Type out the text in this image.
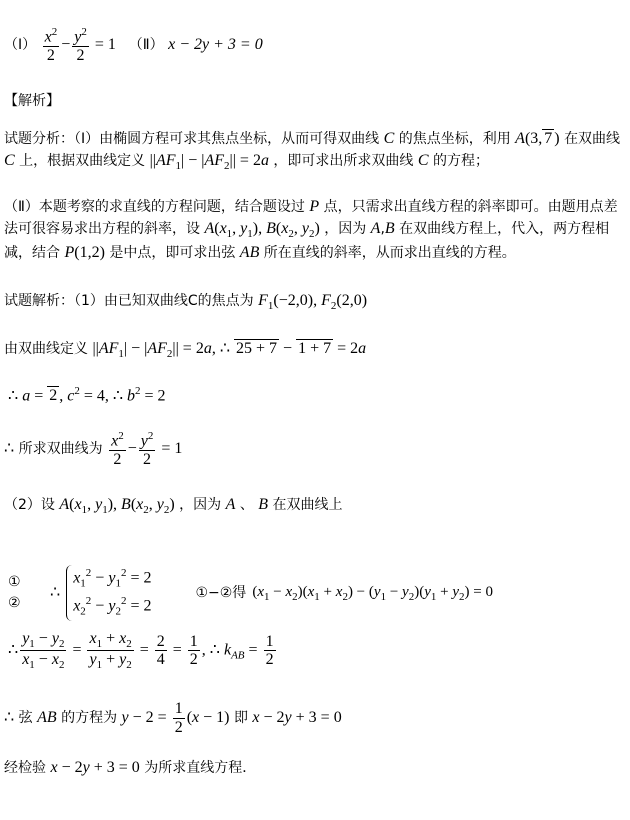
（Ⅰ） $\frac{x^2}{2} - \frac{y^2}{2} = 1$   （Ⅱ） x − 2y + 3 = 0
【解析】
试题分析：（Ⅰ）由椭圆方程可求其焦点坐标，从而可得双曲线 C 的焦点坐标，利用 A(3, 7 ) 在双曲线 C 上，根据双曲线定义 $||AF_1| - |AF_2|| = 2a$ ，即可求出所求双曲线 C 的方程；
（Ⅱ）本题考察的求直线的方程问题，结合题设过 P 点，只需求出直线方程的斜率即可。由题用点差法可很容易求出方程的斜率，设 $A(x_1$, $y_1$), $B(x_2$, $y_2$) ，因为 A,B 在双曲线方程上，代入，两方程相减，结合 P(1,2) 是中点，即可求出弦 AB 所在直线的斜率，从而求出直线的方程。
试题解析：（1）由已知双曲线C的焦点为 $F_1(-2,0)$, $F_2(2,0)$
由双曲线定义 $||AF_1| - |AF_2|| = 2a$, ∴ 25 + 7 − 1 + 7 = 2a
∴ a = 2 , $c^2 = 4$, ∴ $b^2 = 2$
∴ 所求双曲线为 $\frac{x^2}{2} - \frac{y^2}{2} = 1$
（2）设 $A(x_1$, $y_1$), $B(x_2$, $y_2$) ，因为 A 、 B 在双曲线上
①
②
∴
$x_1^2 - y_1^2 = 2$
$x_2^2 - y_2^2 = 2$
①−②得 $(x_1 - x_2)(x_1 + x_2) - (y_1 - y_2)(y_1 + y_2) = 0$
∴ $\frac{y_1 - y_2}{x_1 - x_2} = \frac{x_1 + x_2}{y_1 + y_2} = \frac{2}{4} = \frac{1}{2}$ , ∴ $k_{AB} = \frac{1}{2}$
∴ 弦 AB 的方程为 $y - 2 = \frac{1}{2} (x - 1)$ 即 x − 2y + 3 = 0
经检验 x − 2y + 3 = 0 为所求直线方程．
